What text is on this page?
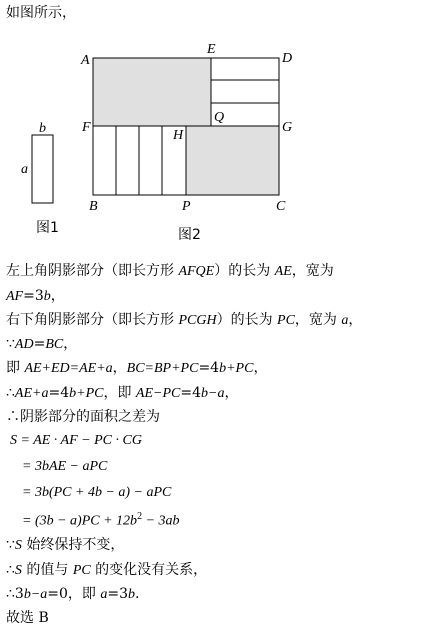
如图所示，
b
a
图1
A
E
D
F
H
Q
G
B	P	C
图2
左上角阴影部分（即长方形 AFQE）的长为 AE，宽为
AF=3b，
右下角阴影部分（即长方形 PCGH）的长为 PC，宽为 a，
∵AD=BC，
即 AE+ED=AE+a，BC=BP+PC=4b+PC，
∴AE+a=4b+PC，即 AE−PC=4b−a，
∴阴影部分的面积之差为
S = AE · AF − PC · CG
= 3bAE − aPC
= 3b(PC + 4b − a) − aPC
= $(3b - a)PC + 12b^2 - 3ab$
∵S 始终保持不变，
∴S 的值与 PC 的变化没有关系，
∴3b−a=0，即 a=3b.
故选 B
